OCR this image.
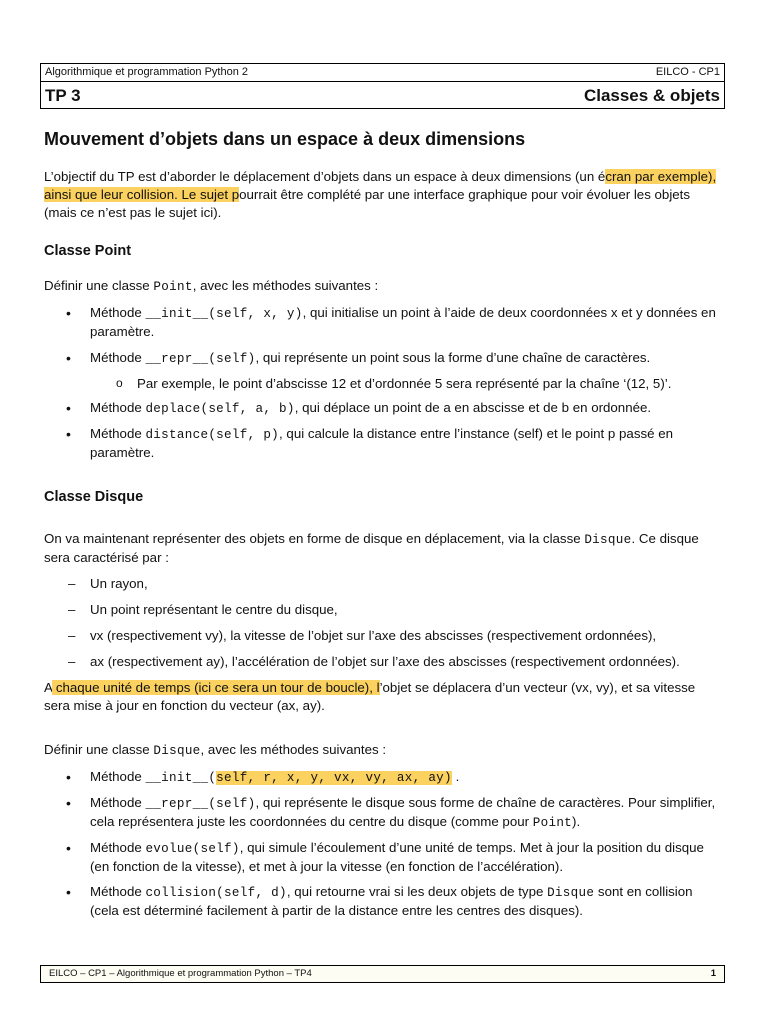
Algorithmique et programmation Python 2	EILCO - CP1
TP 3	Classes & objets
Mouvement d’objets dans un espace à deux dimensions

L’objectif du TP est d’aborder le déplacement d’objets dans un espace à deux dimensions (un écran par exemple), ainsi que leur collision. Le sujet pourrait être complété par une interface graphique pour voir évoluer les objets (mais ce n’est pas le sujet ici).

Classe Point

Définir une classe Point, avec les méthodes suivantes :

• Méthode __init__(self, x, y), qui initialise un point à l’aide de deux coordonnées x et y données en paramètre.
• Méthode __repr__(self), qui représente un point sous la forme d’une chaîne de caractères.
o Par exemple, le point d’abscisse 12 et d’ordonnée 5 sera représenté par la chaîne ‘(12, 5)’.
• Méthode deplace(self, a, b), qui déplace un point de a en abscisse et de b en ordonnée.
• Méthode distance(self, p), qui calcule la distance entre l’instance (self) et le point p passé en paramètre.
Classe Disque

On va maintenant représenter des objets en forme de disque en déplacement, via la classe Disque. Ce disque sera caractérisé par :

– Un rayon,
– Un point représentant le centre du disque,
– vx (respectivement vy), la vitesse de l’objet sur l’axe des abscisses (respectivement ordonnées),
– ax (respectivement ay), l’accélération de l’objet sur l’axe des abscisses (respectivement ordonnées).

A chaque unité de temps (ici ce sera un tour de boucle), l’objet se déplacera d’un vecteur (vx, vy), et sa vitesse sera mise à jour en fonction du vecteur (ax, ay).

Définir une classe Disque, avec les méthodes suivantes :

• Méthode __init__(self, r, x, y, vx, vy, ax, ay) .
• Méthode __repr__(self), qui représente le disque sous forme de chaîne de caractères. Pour simplifier, cela représentera juste les coordonnées du centre du disque (comme pour Point).
• Méthode evolue(self), qui simule l’écoulement d’une unité de temps. Met à jour la position du disque (en fonction de la vitesse), et met à jour la vitesse (en fonction de l’accélération).
• Méthode collision(self, d), qui retourne vrai si les deux objets de type Disque sont en collision (cela est déterminé facilement à partir de la distance entre les centres des disques).
EILCO – CP1 – Algorithmique et programmation Python – TP4	1
